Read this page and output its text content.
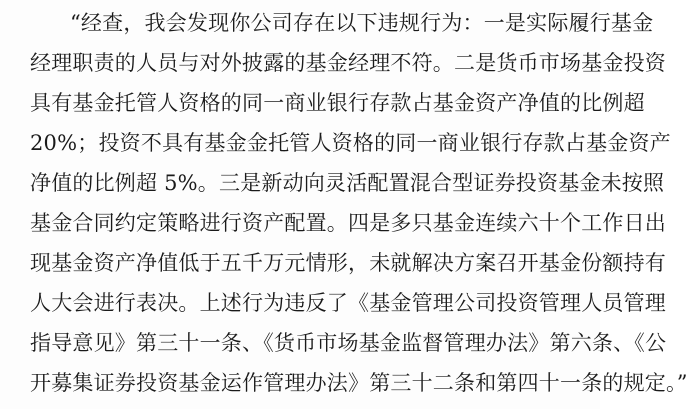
“经查，我会发现你公司存在以下违规行为：一是实际履行基金
经理职责的人员与对外披露的基金经理不符。二是货币市场基金投资
具有基金托管人资格的同一商业银行存款占基金资产净值的比例超
20%；投资不具有基金金托管人资格的同一商业银行存款占基金资产
净值的比例超 5%。三是新动向灵活配置混合型证券投资基金未按照
基金合同约定策略进行资产配置。四是多只基金连续六十个工作日出
现基金资产净值低于五千万元情形，未就解决方案召开基金份额持有
人大会进行表决。上述行为违反了《基金管理公司投资管理人员管理
指导意见》第三十一条、《货币市场基金监督管理办法》第六条、《公
开募集证券投资基金运作管理办法》第三十二条和第四十一条的规定。”
